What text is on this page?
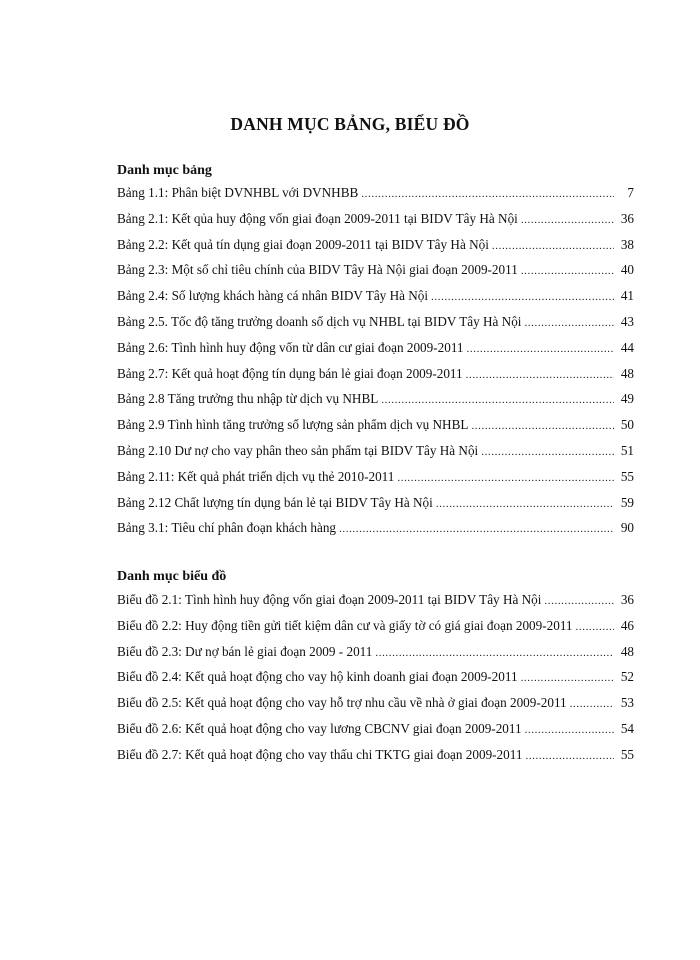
DANH MỤC BẢNG, BIỂU ĐỒ
Danh mục bảng
Bảng 1.1: Phân biệt DVNHBL với DVNHBB .....	7
Bảng 2.1: Kết qủa huy động vốn giai đoạn 2009-2011 tại BIDV Tây Hà Nội .....	36
Bảng 2.2: Kết quả tín dụng giai đoạn 2009-2011 tại BIDV Tây Hà Nội .....	38
Bảng 2.3: Một số chỉ tiêu chính của BIDV Tây Hà Nội giai đoạn 2009-2011 .....	40
Bảng 2.4: Số lượng khách hàng cá nhân BIDV Tây Hà Nội .....	41
Bảng 2.5. Tốc độ tăng trưởng doanh số dịch vụ NHBL tại BIDV Tây Hà Nội .....	43
Bảng 2.6: Tình hình huy động vốn từ dân cư giai đoạn 2009-2011 .....	44
Bảng 2.7: Kết quả hoạt động tín dụng bán lẻ giai đoạn 2009-2011 .....	48
Bảng 2.8 Tăng trưởng thu nhập từ dịch vụ NHBL .....	49
Bảng 2.9 Tình hình tăng trưởng số lượng sản phẩm dịch vụ NHBL .....	50
Bảng 2.10 Dư nợ cho vay phân theo sản phẩm tại BIDV Tây Hà Nội .....	51
Bảng 2.11: Kết quả phát triển dịch vụ thẻ 2010-2011 .....	55
Bảng 2.12 Chất lượng tín dụng bán lẻ tại BIDV Tây Hà Nội .....	59
Bảng 3.1: Tiêu chí phân đoạn khách hàng .....	90
Danh mục biểu đồ
Biểu đồ 2.1: Tình hình huy động vốn giai đoạn 2009-2011 tại BIDV Tây Hà Nội .....	36
Biểu đồ 2.2: Huy động tiền gửi tiết kiệm dân cư và giấy tờ có giá giai đoạn 2009-2011 .....	46
Biểu đồ 2.3: Dư nợ bán lẻ giai đoạn 2009 - 2011 .....	48
Biểu đồ 2.4: Kết quả hoạt động cho vay hộ kinh doanh giai đoạn 2009-2011 .....	52
Biểu đồ 2.5: Kết quả hoạt động cho vay hỗ trợ nhu cầu về nhà ở giai đoạn 2009-2011 .....	53
Biểu đồ 2.6: Kết quả hoạt động cho vay lương CBCNV giai đoạn 2009-2011 .....	54
Biểu đồ 2.7: Kết quả hoạt động cho vay thấu chi TKTG giai đoạn 2009-2011 .....	55
